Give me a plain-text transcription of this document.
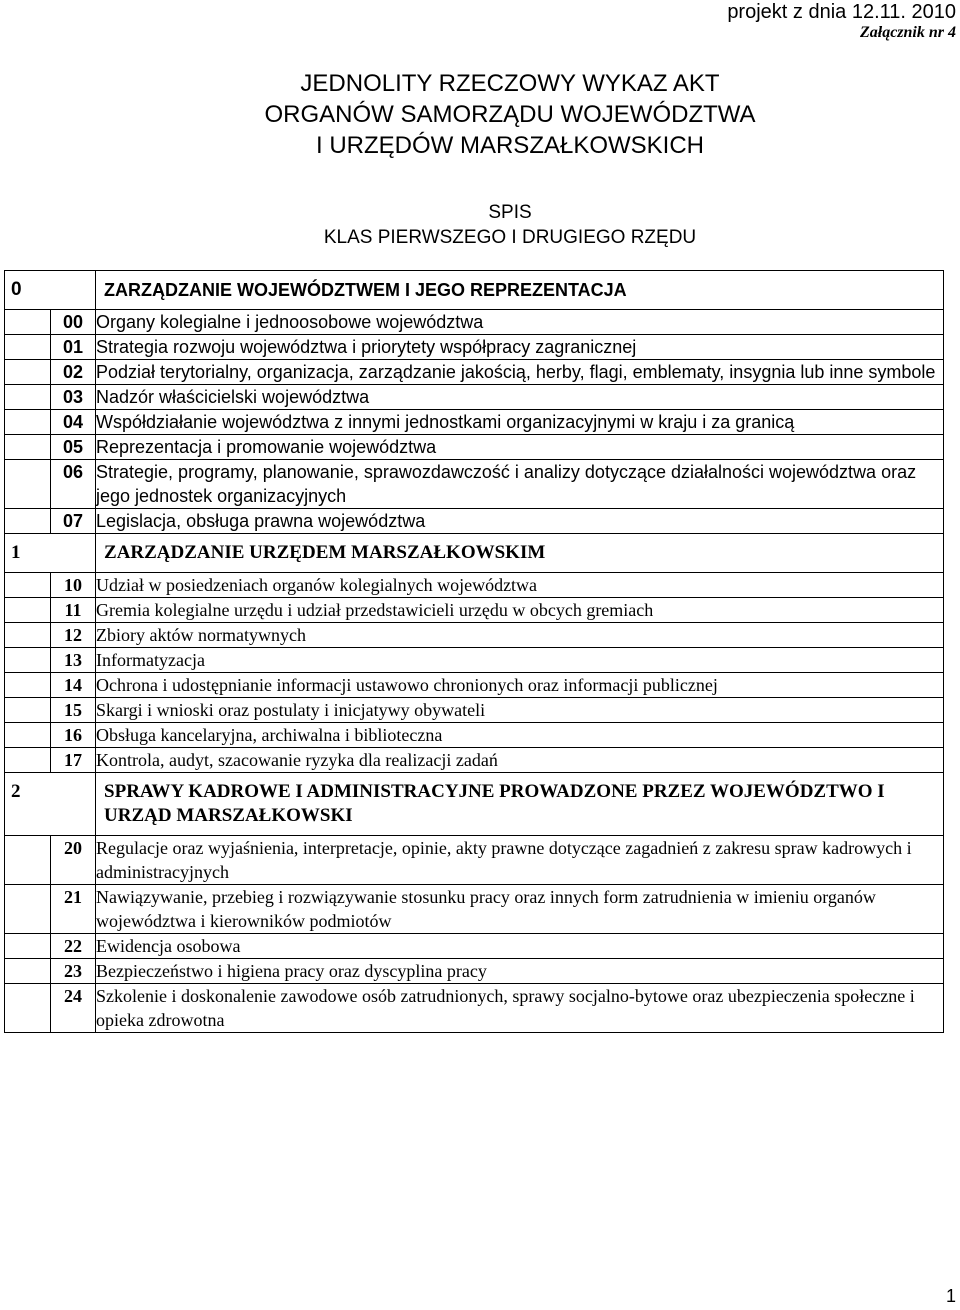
projekt z dnia 12.11. 2010
Załącznik nr 4
JEDNOLITY RZECZOWY WYKAZ AKT
ORGANÓW SAMORZĄDU WOJEWÓDZTWA
I URZĘDÓW MARSZAŁKOWSKICH
SPIS
KLAS PIERWSZEGO I DRUGIEGO RZĘDU
0		ZARZĄDZANIE WOJEWÓDZTWEM I JEGO REPREZENTACJA
	00	Organy kolegialne i jednoosobowe województwa
	01	Strategia rozwoju województwa i priorytety współpracy zagranicznej
	02	Podział terytorialny, organizacja, zarządzanie jakością, herby, flagi, emblematy, insygnia lub inne symbole
	03	Nadzór właścicielski województwa
	04	Współdziałanie województwa z innymi jednostkami organizacyjnymi w kraju i za granicą
	05	Reprezentacja i promowanie województwa
	06	Strategie, programy, planowanie, sprawozdawczość i analizy dotyczące działalności województwa oraz jego jednostek organizacyjnych
	07	Legislacja, obsługa prawna województwa
1		ZARZĄDZANIE URZĘDEM MARSZAŁKOWSKIM
	10	Udział w posiedzeniach organów kolegialnych województwa
	11	Gremia kolegialne urzędu i udział przedstawicieli urzędu w obcych gremiach
	12	Zbiory aktów normatywnych
	13	Informatyzacja
	14	Ochrona i udostępnianie informacji ustawowo chronionych oraz informacji publicznej
	15	Skargi i wnioski oraz postulaty i inicjatywy obywateli
	16	Obsługa kancelaryjna, archiwalna i biblioteczna
	17	Kontrola, audyt, szacowanie ryzyka dla realizacji zadań
2		SPRAWY KADROWE I ADMINISTRACYJNE PROWADZONE PRZEZ WOJEWÓDZTWO I URZĄD MARSZAŁKOWSKI
	20	Regulacje oraz wyjaśnienia, interpretacje, opinie, akty prawne dotyczące zagadnień z zakresu spraw kadrowych i administracyjnych
	21	Nawiązywanie, przebieg i rozwiązywanie stosunku pracy oraz innych form zatrudnienia w imieniu organów województwa i kierowników podmiotów
	22	Ewidencja osobowa
	23	Bezpieczeństwo i higiena pracy oraz dyscyplina pracy
	24	Szkolenie i doskonalenie zawodowe osób zatrudnionych, sprawy socjalno-bytowe oraz ubezpieczenia społeczne i opieka zdrowotna
1
